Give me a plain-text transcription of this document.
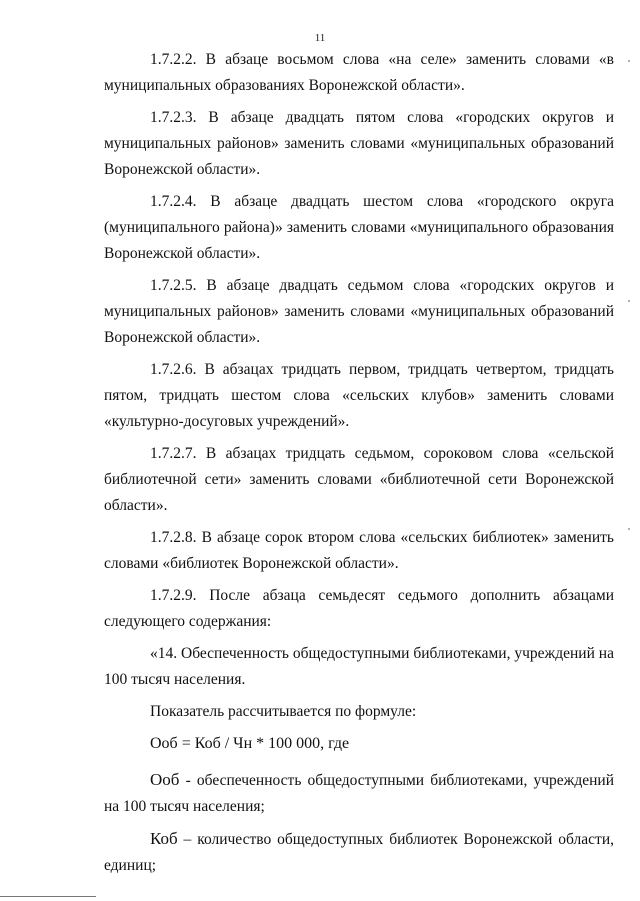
11

1.7.2.2. В абзаце восьмом слова «на селе» заменить словами «в муниципальных образованиях Воронежской области».

1.7.2.3. В абзаце двадцать пятом слова «городских округов и муниципальных районов» заменить словами «муниципальных образований Воронежской области».

1.7.2.4. В абзаце двадцать шестом слова «городского округа (муниципального района)» заменить словами «муниципального образования Воронежской области».

1.7.2.5. В абзаце двадцать седьмом слова «городских округов и муниципальных районов» заменить словами «муниципальных образований Воронежской области».

1.7.2.6. В абзацах тридцать первом, тридцать четвертом, тридцать пятом, тридцать шестом слова «сельских клубов» заменить словами «культурно-досуговых учреждений».

1.7.2.7. В абзацах тридцать седьмом, сороковом слова «сельской библиотечной сети» заменить словами «библиотечной сети Воронежской области».

1.7.2.8. В абзаце сорок втором слова «сельских библиотек» заменить словами «библиотек Воронежской области».

1.7.2.9. После абзаца семьдесят седьмого дополнить абзацами следующего содержания:

«14. Обеспеченность общедоступными библиотеками, учреждений на 100 тысяч населения.

Показатель рассчитывается по формуле:

Ооб = Коб / Чн * 100 000, где

Ооб - обеспеченность общедоступными библиотеками, учреждений на 100 тысяч населения;

Коб – количество общедоступных библиотек Воронежской области, единиц;
